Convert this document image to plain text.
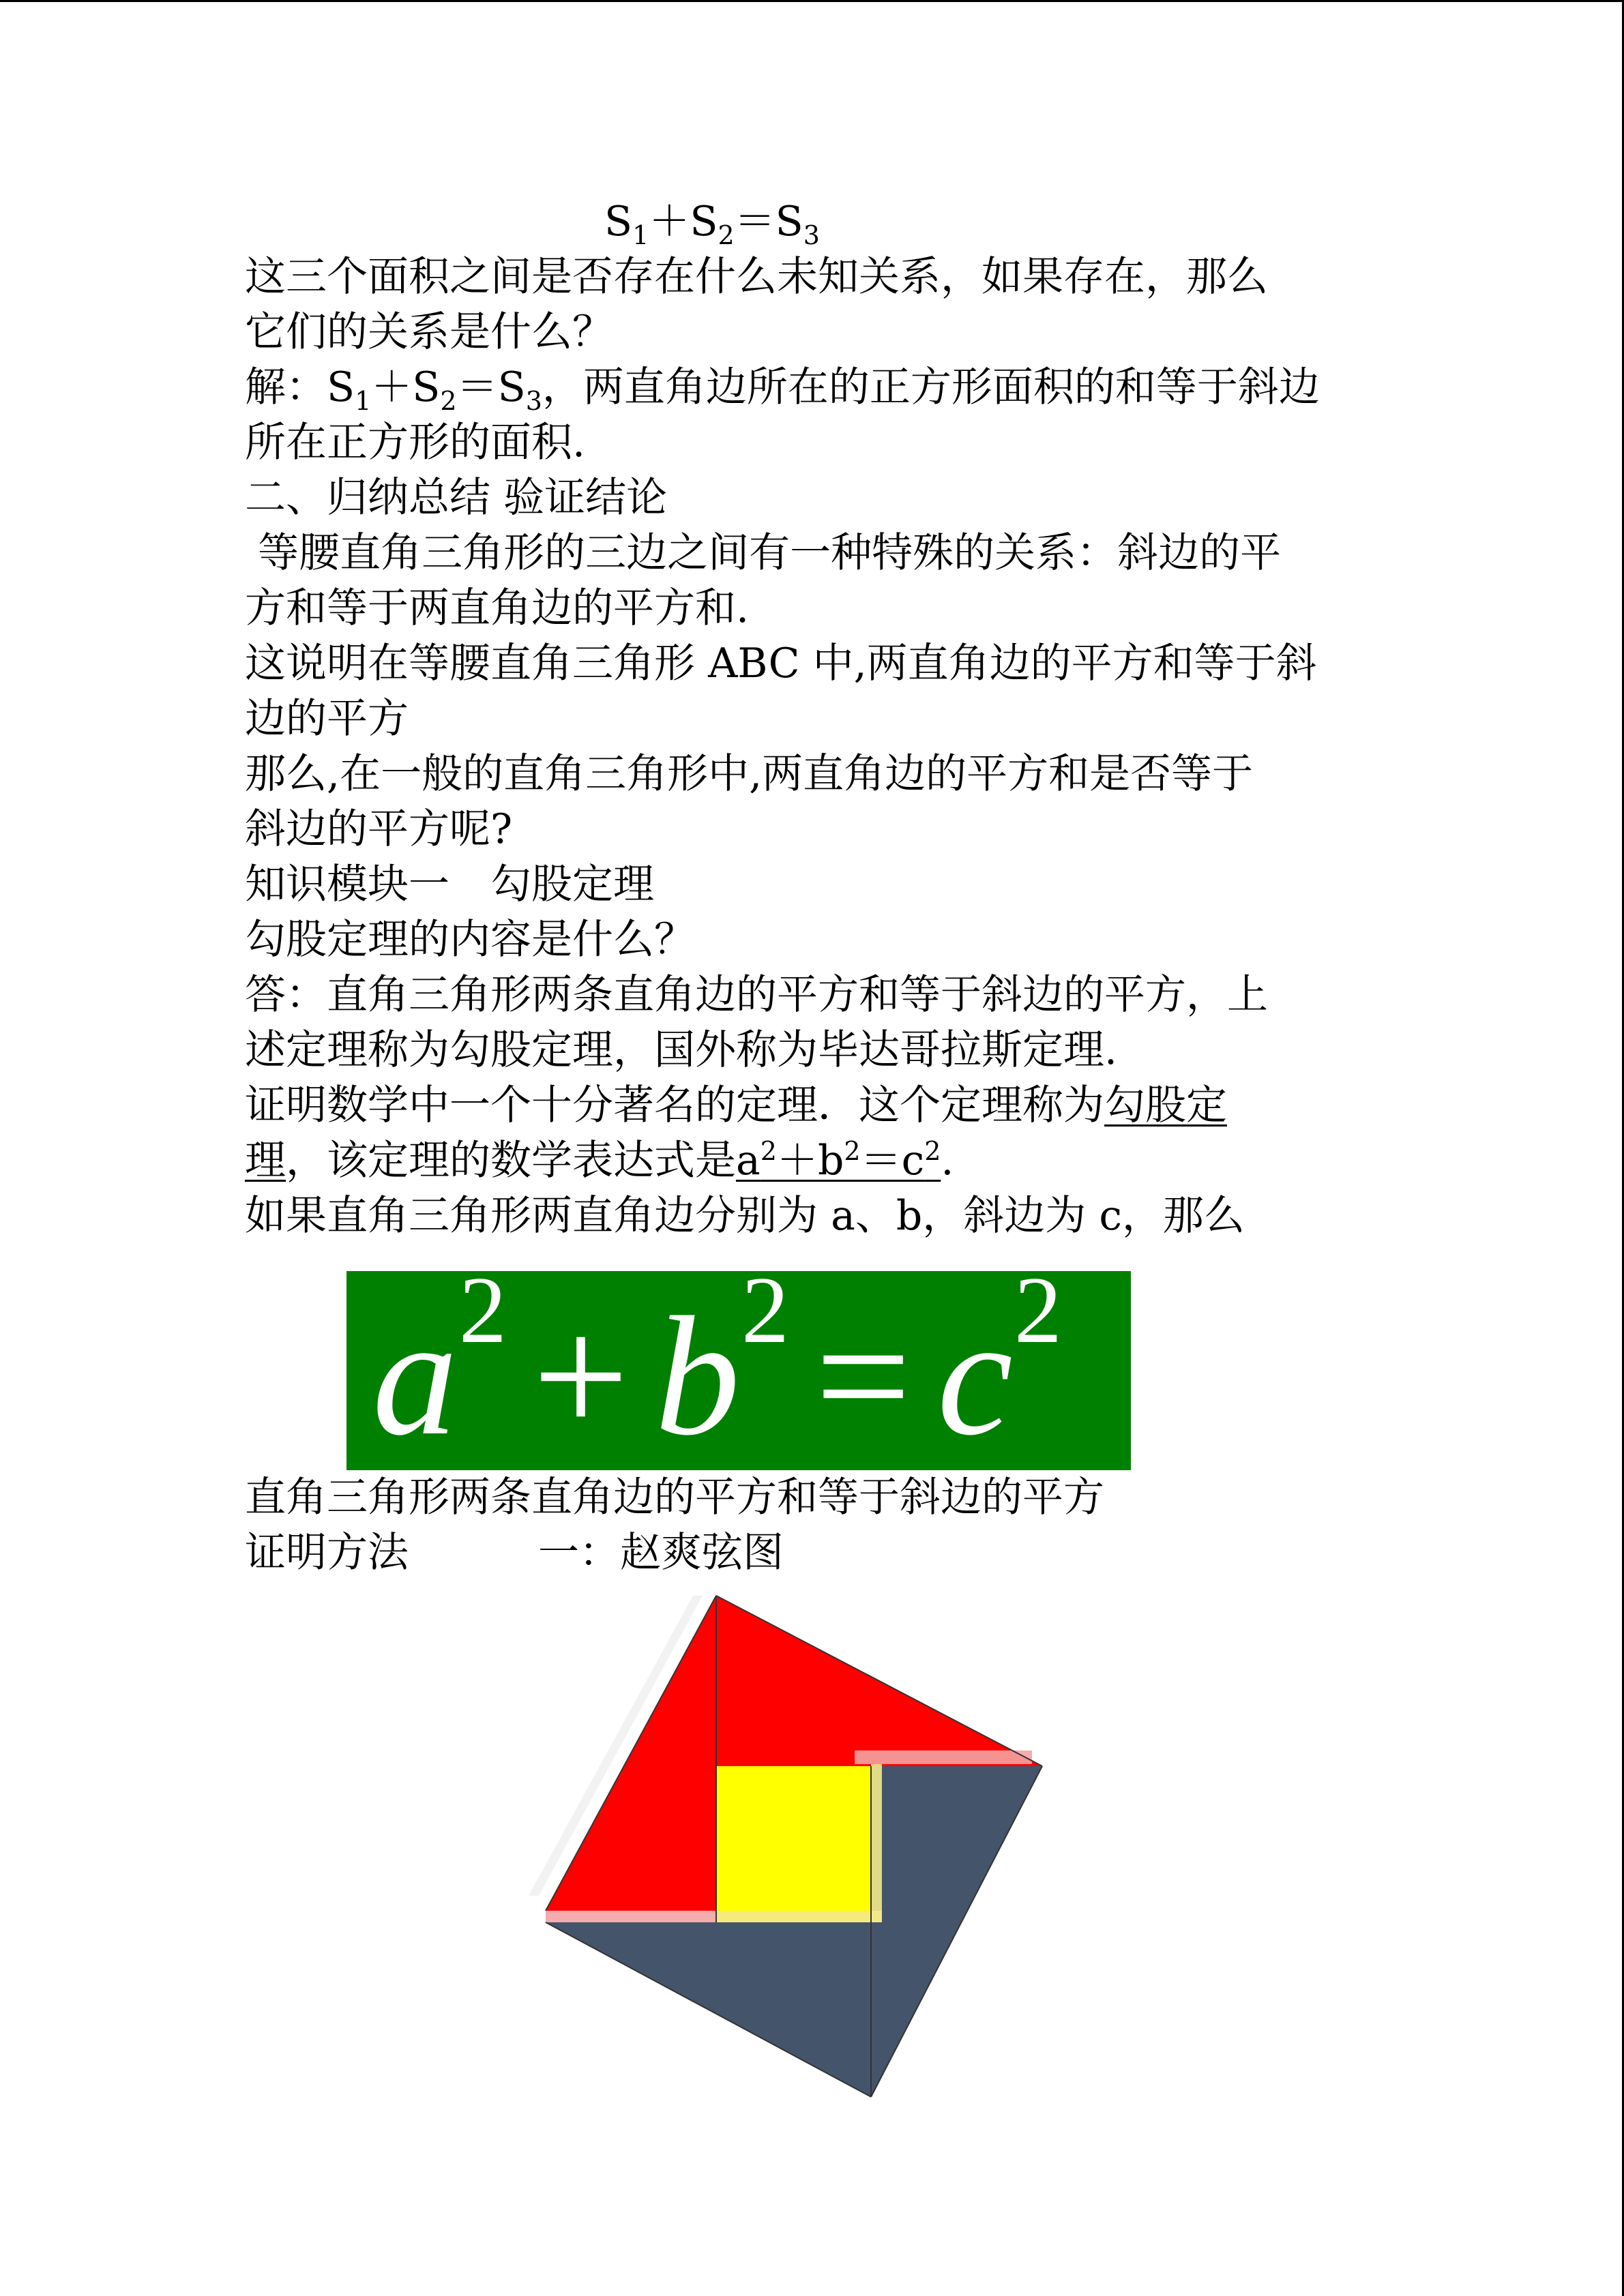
$S_1+S_2=S_3$
这三个面积之间是否存在什么未知关系，如果存在，那么
它们的关系是什么？
解：$S_1+S_2=S_3$，两直角边所在的正方形面积的和等于斜边
所在正方形的面积.
二、归纳总结 验证结论
等腰直角三角形的三边之间有一种特殊的关系：斜边的平
方和等于两直角边的平方和.
这说明在等腰直角三角形 ABC 中,两直角边的平方和等于斜
边的平方
那么,在一般的直角三角形中,两直角边的平方和是否等于
斜边的平方呢?
知识模块一　勾股定理
勾股定理的内容是什么？
答：直角三角形两条直角边的平方和等于斜边的平方，上
述定理称为勾股定理，国外称为毕达哥拉斯定理.
证明数学中一个十分著名的定理．这个定理称为勾股定
理，该定理的数学表达式是$a^2+b^2=c^2$.
如果直角三角形两直角边分别为 a、b，斜边为 c，那么
$a^2 + b^2 = c^2$
直角三角形两条直角边的平方和等于斜边的平方
证明方法	一：赵爽弦图
